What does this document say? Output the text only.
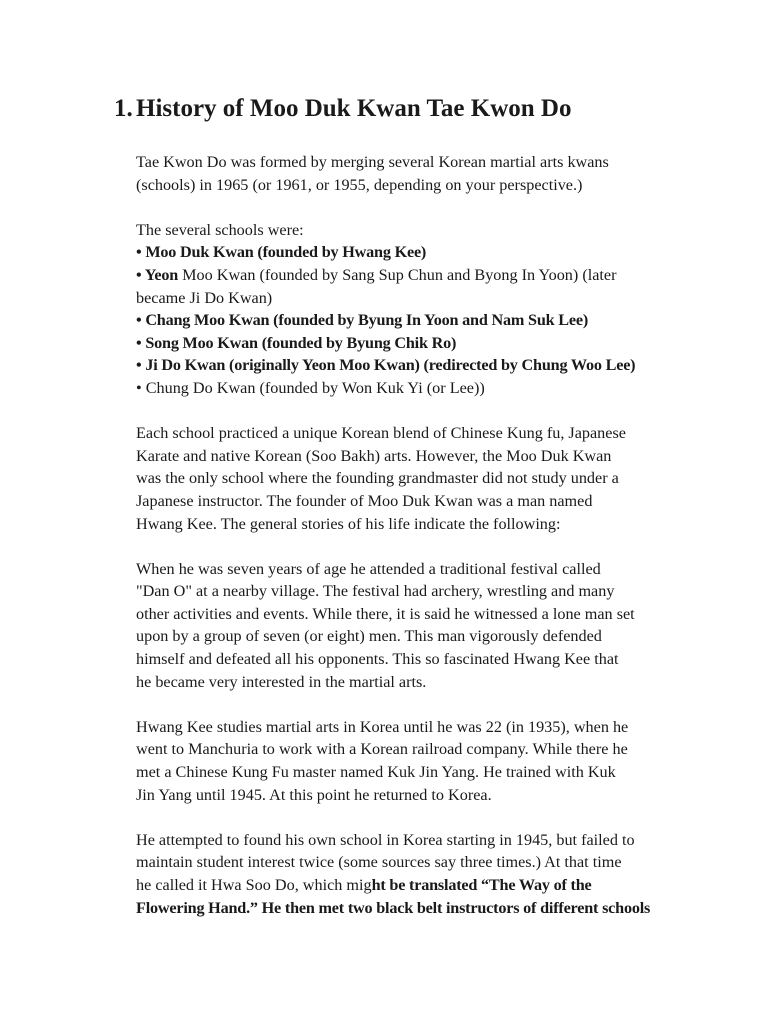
1. History of Moo Duk Kwan Tae Kwon Do

Tae Kwon Do was formed by merging several Korean martial arts kwans
(schools) in 1965 (or 1961, or 1955, depending on your perspective.)

The several schools were:
• Moo Duk Kwan (founded by Hwang Kee)
• Yeon Moo Kwan (founded by Sang Sup Chun and Byong In Yoon) (later
became Ji Do Kwan)
• Chang Moo Kwan (founded by Byung In Yoon and Nam Suk Lee)
• Song Moo Kwan (founded by Byung Chik Ro)
• Ji Do Kwan (originally Yeon Moo Kwan) (redirected by Chung Woo Lee)
• Chung Do Kwan (founded by Won Kuk Yi (or Lee))

Each school practiced a unique Korean blend of Chinese Kung fu, Japanese
Karate and native Korean (Soo Bakh) arts. However, the Moo Duk Kwan
was the only school where the founding grandmaster did not study under a
Japanese instructor. The founder of Moo Duk Kwan was a man named
Hwang Kee. The general stories of his life indicate the following:

When he was seven years of age he attended a traditional festival called
"Dan O" at a nearby village. The festival had archery, wrestling and many
other activities and events. While there, it is said he witnessed a lone man set
upon by a group of seven (or eight) men. This man vigorously defended
himself and defeated all his opponents. This so fascinated Hwang Kee that
he became very interested in the martial arts.

Hwang Kee studies martial arts in Korea until he was 22 (in 1935), when he
went to Manchuria to work with a Korean railroad company. While there he
met a Chinese Kung Fu master named Kuk Jin Yang. He trained with Kuk
Jin Yang until 1945. At this point he returned to Korea.

He attempted to found his own school in Korea starting in 1945, but failed to
maintain student interest twice (some sources say three times.) At that time
he called it Hwa Soo Do, which might be translated “The Way of the
Flowering Hand.” He then met two black belt instructors of different schools
